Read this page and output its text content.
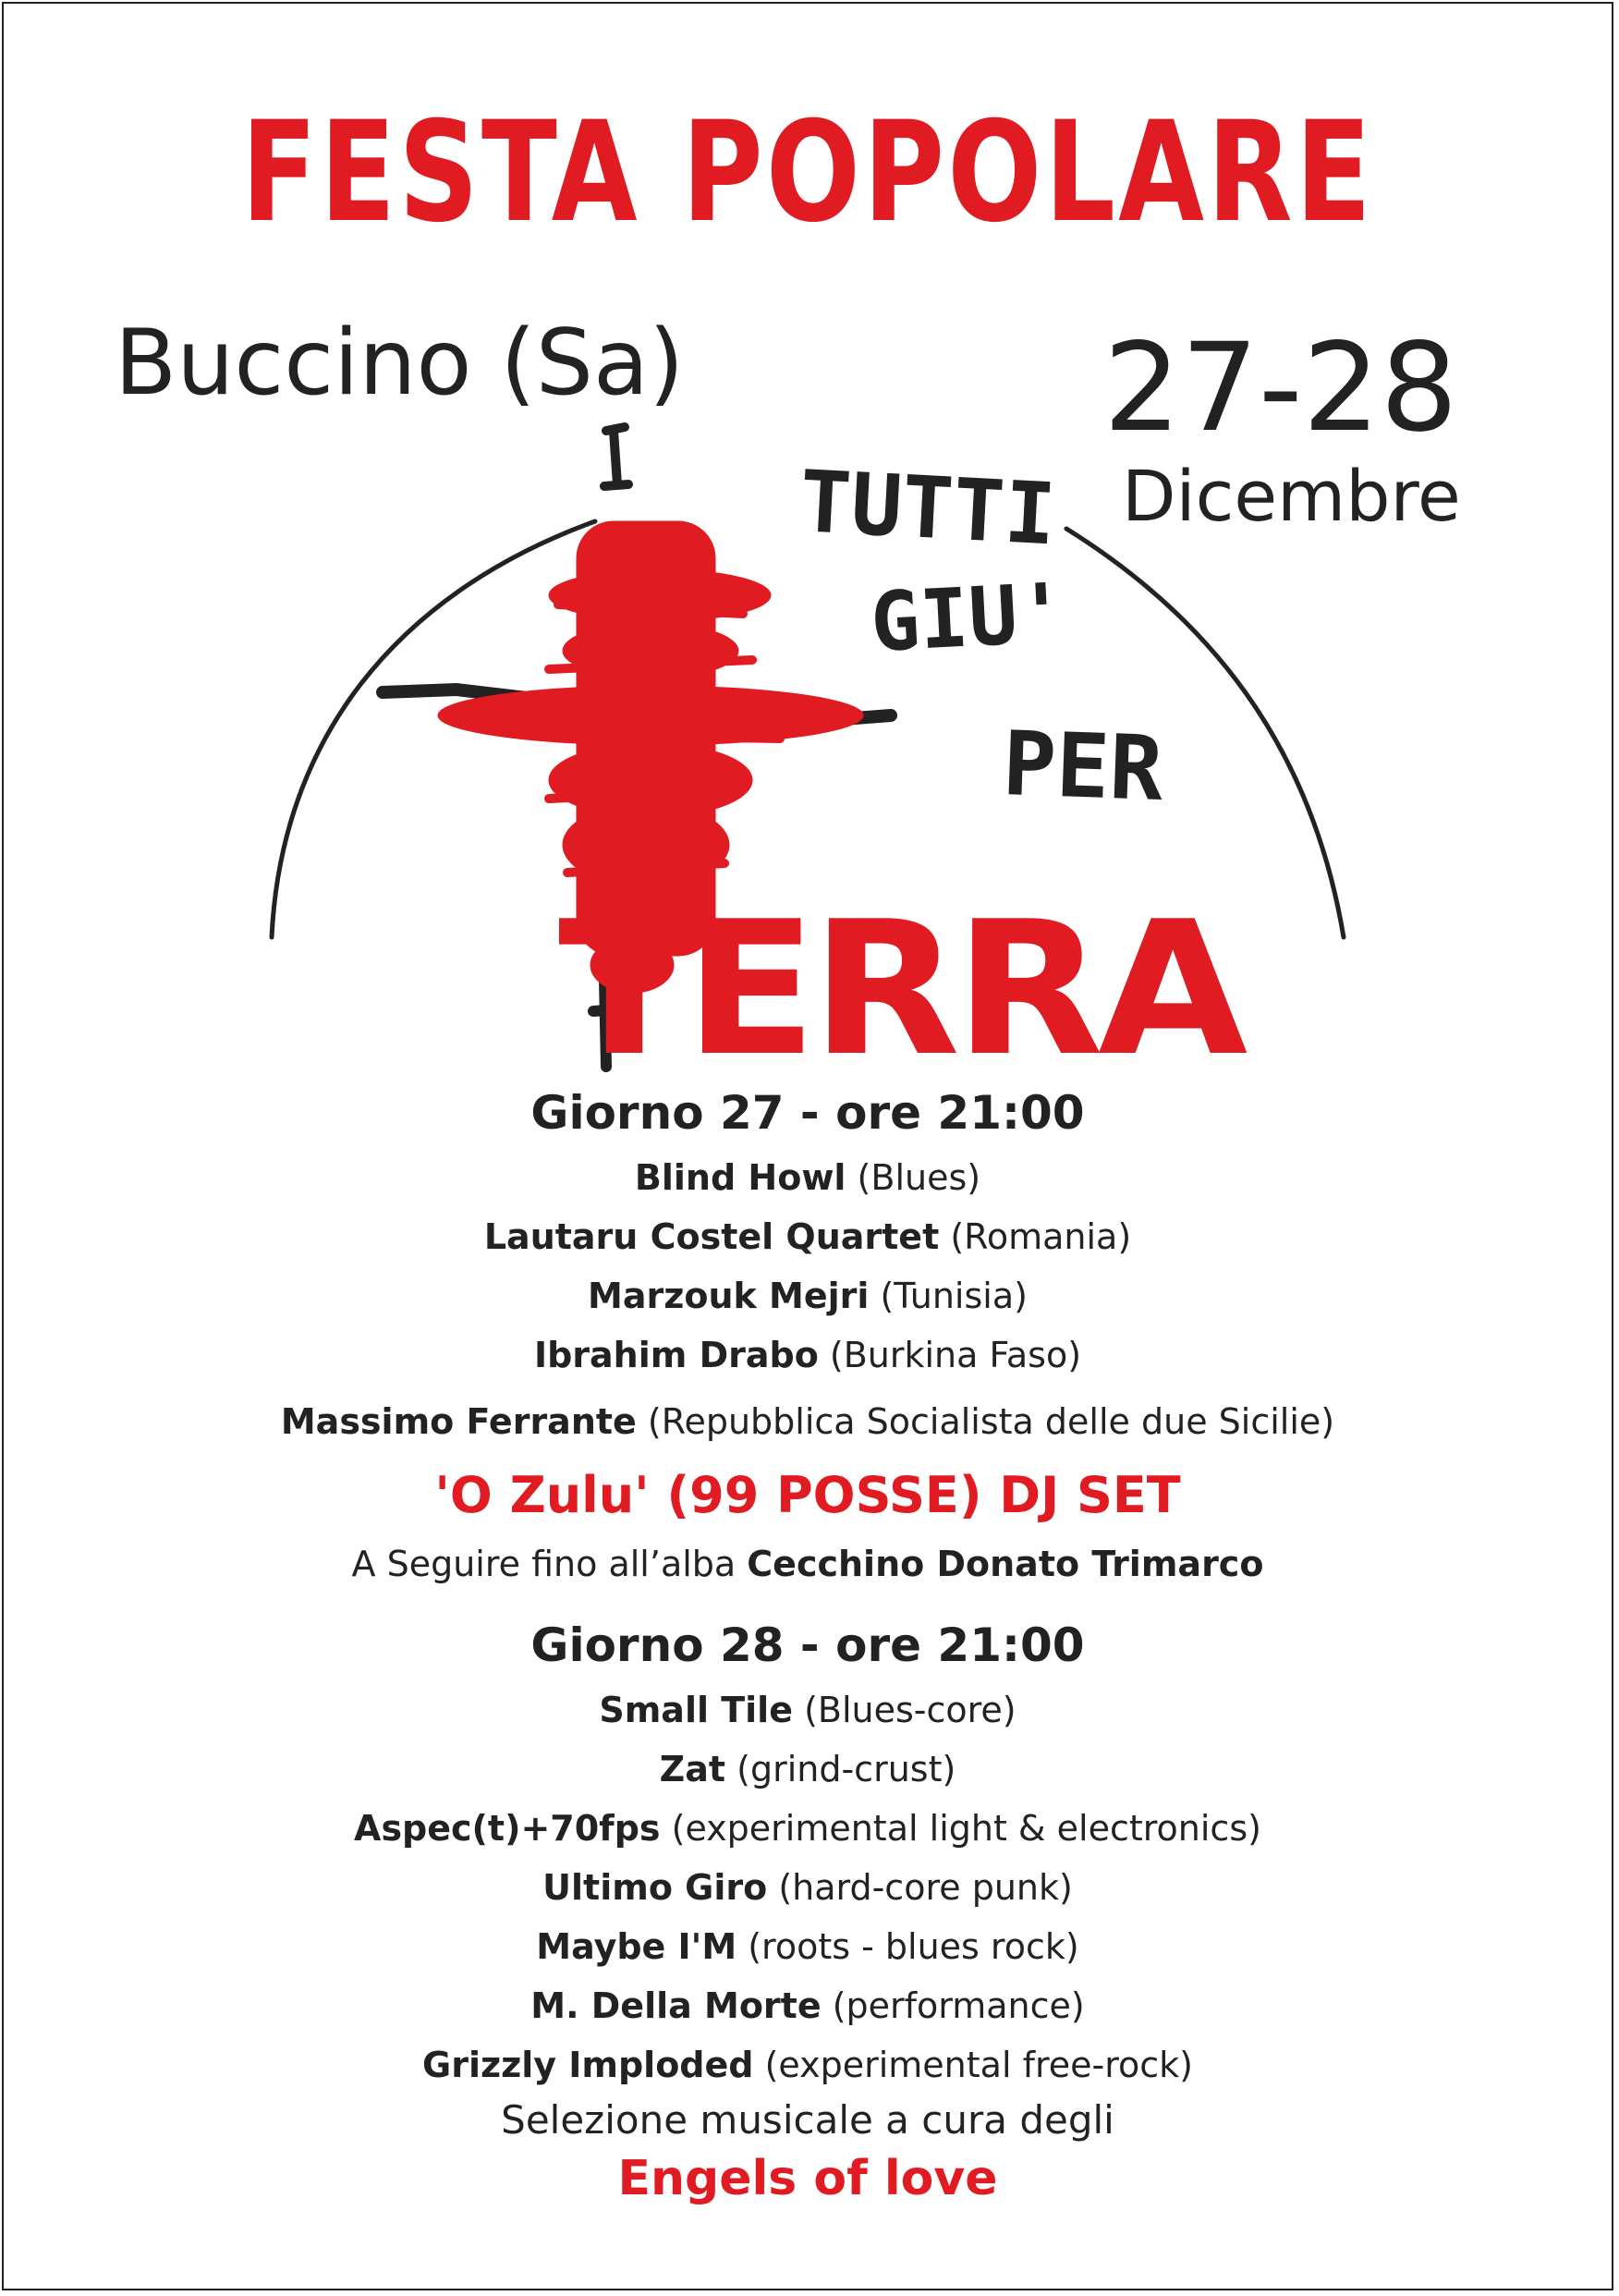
FESTA POPOLARE
Buccino (Sa)	27-28
Dicembre
TUTTI
GIU'
PER
TERRA
Giorno 27 - ore 21:00
Blind Howl (Blues)
Lautaru Costel Quartet (Romania)
Marzouk Mejri (Tunisia)
Ibrahim Drabo (Burkina Faso)
Massimo Ferrante (Repubblica Socialista delle due Sicilie)
'O Zulu' (99 POSSE) DJ SET
A Seguire fino all’alba Cecchino Donato Trimarco
Giorno 28 - ore 21:00
Small Tile (Blues-core)
Zat (grind-crust)
Aspec(t)+70fps (experimental light & electronics)
Ultimo Giro (hard-core punk)
Maybe I'M (roots - blues rock)
M. Della Morte (performance)
Grizzly Imploded (experimental free-rock)
Selezione musicale a cura degli
Engels of love
